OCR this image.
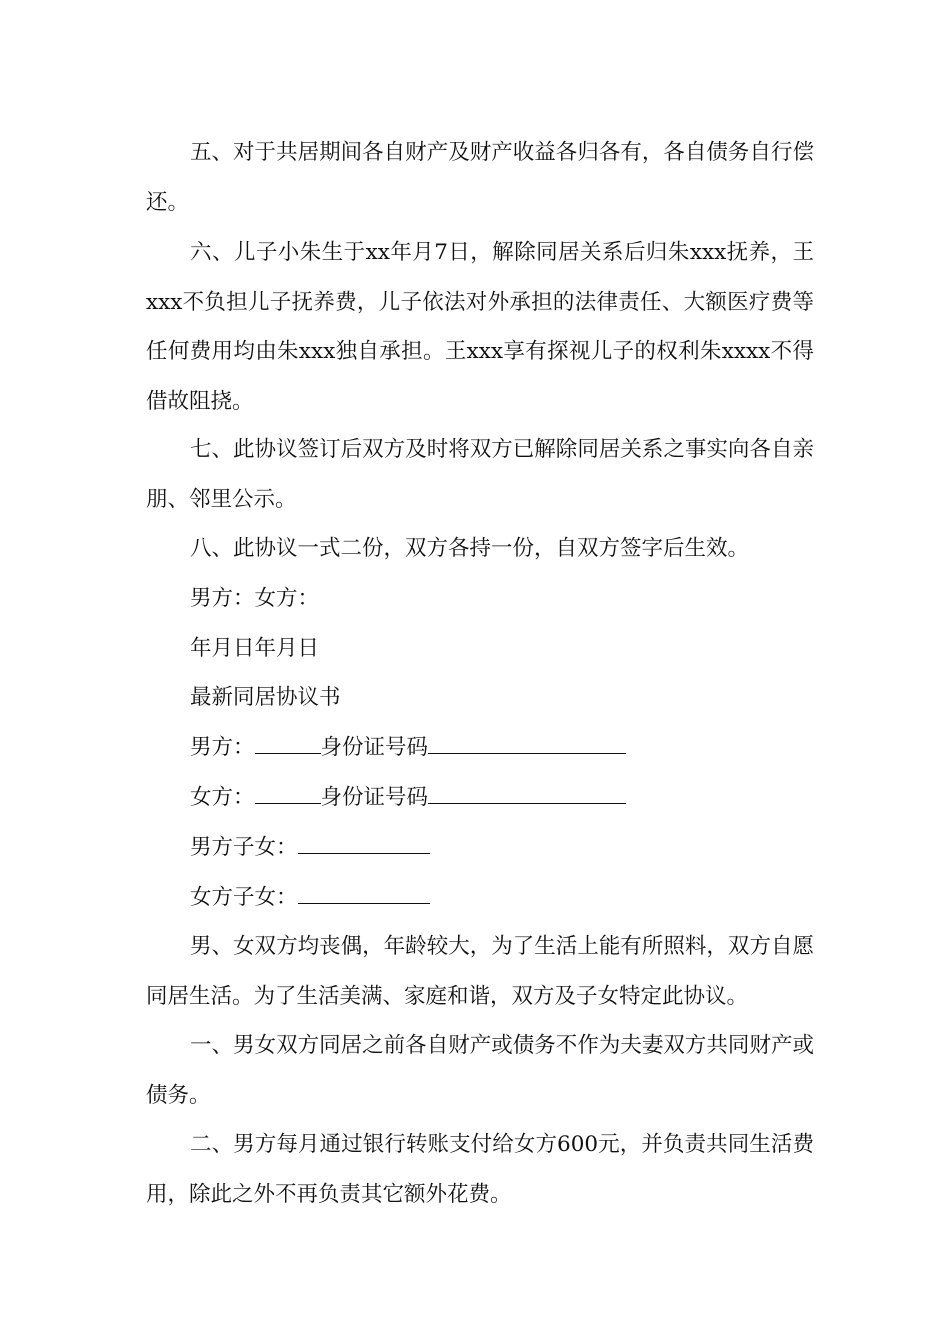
五、对于共居期间各自财产及财产收益各归各有，各自债务自行偿还。
六、儿子小朱生于xx年月7日，解除同居关系后归朱xxx抚养，王xxx不负担儿子抚养费，儿子依法对外承担的法律责任、大额医疗费等任何费用均由朱xxx独自承担。王xxx享有探视儿子的权利朱xxxx不得借故阻挠。
七、此协议签订后双方及时将双方已解除同居关系之事实向各自亲朋、邻里公示。
八、此协议一式二份，双方各持一份，自双方签字后生效。
男方：女方：
年月日年月日
最新同居协议书
男方：	身份证号码
女方：	身份证号码
男方子女：
女方子女：
男、女双方均丧偶，年龄较大，为了生活上能有所照料，双方自愿同居生活。为了生活美满、家庭和谐，双方及子女特定此协议。
一、男女双方同居之前各自财产或债务不作为夫妻双方共同财产或债务。
二、男方每月通过银行转账支付给女方600元，并负责共同生活费用，除此之外不再负责其它额外花费。
